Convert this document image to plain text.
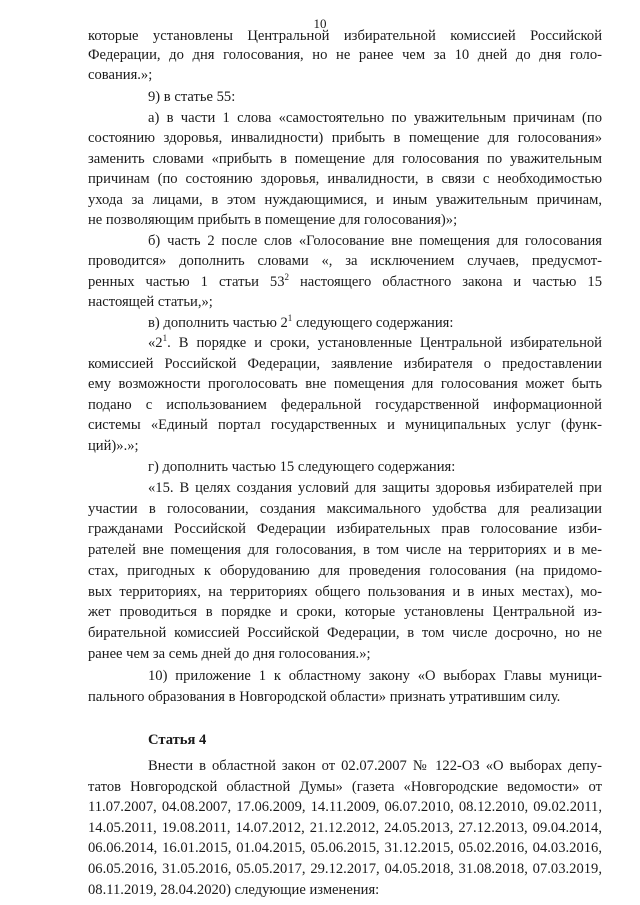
10
которые установлены Центральной избирательной комиссией Российской
Федерации, до дня голосования, но не ранее чем за 10 дней до дня голо-
сования.»;
9) в статье 55:
а) в части 1 слова «самостоятельно по уважительным причинам (по
состоянию здоровья, инвалидности) прибыть в помещение для голосования»
заменить словами «прибыть в помещение для голосования по уважительным
причинам (по состоянию здоровья, инвалидности, в связи с необходимостью
ухода за лицами, в этом нуждающимися, и иным уважительным причинам,
не позволяющим прибыть в помещение для голосования)»;
б) часть 2 после слов «Голосование вне помещения для голосования
проводится» дополнить словами «, за исключением случаев, предусмот-
ренных частью 1 статьи $53^2$ настоящего областного закона и частью 15
настоящей статьи,»;
в) дополнить частью $2^1$ следующего содержания:
«$2^1$. В порядке и сроки, установленные Центральной избирательной
комиссией Российской Федерации, заявление избирателя о предоставлении
ему возможности проголосовать вне помещения для голосования может быть
подано с использованием федеральной государственной информационной
системы «Единый портал государственных и муниципальных услуг (функ-
ций)».»;
г) дополнить частью 15 следующего содержания:
«15. В целях создания условий для защиты здоровья избирателей при
участии в голосовании, создания максимального удобства для реализации
гражданами Российской Федерации избирательных прав голосование изби-
рателей вне помещения для голосования, в том числе на территориях и в ме-
стах, пригодных к оборудованию для проведения голосования (на придомо-
вых территориях, на территориях общего пользования и в иных местах), мо-
жет проводиться в порядке и сроки, которые установлены Центральной из-
бирательной комиссией Российской Федерации, в том числе досрочно, но не
ранее чем за семь дней до дня голосования.»;
10) приложение 1 к областному закону «О выборах Главы муници-
пального образования в Новгородской области» признать утратившим силу.
Статья 4
Внести в областной закон от 02.07.2007 № 122-ОЗ «О выборах депу-
татов Новгородской областной Думы» (газета «Новгородские ведомости» от
11.07.2007, 04.08.2007, 17.06.2009, 14.11.2009, 06.07.2010, 08.12.2010, 09.02.2011,
14.05.2011, 19.08.2011, 14.07.2012, 21.12.2012, 24.05.2013, 27.12.2013, 09.04.2014,
06.06.2014, 16.01.2015, 01.04.2015, 05.06.2015, 31.12.2015, 05.02.2016, 04.03.2016,
06.05.2016, 31.05.2016, 05.05.2017, 29.12.2017, 04.05.2018, 31.08.2018, 07.03.2019,
08.11.2019, 28.04.2020) следующие изменения:
